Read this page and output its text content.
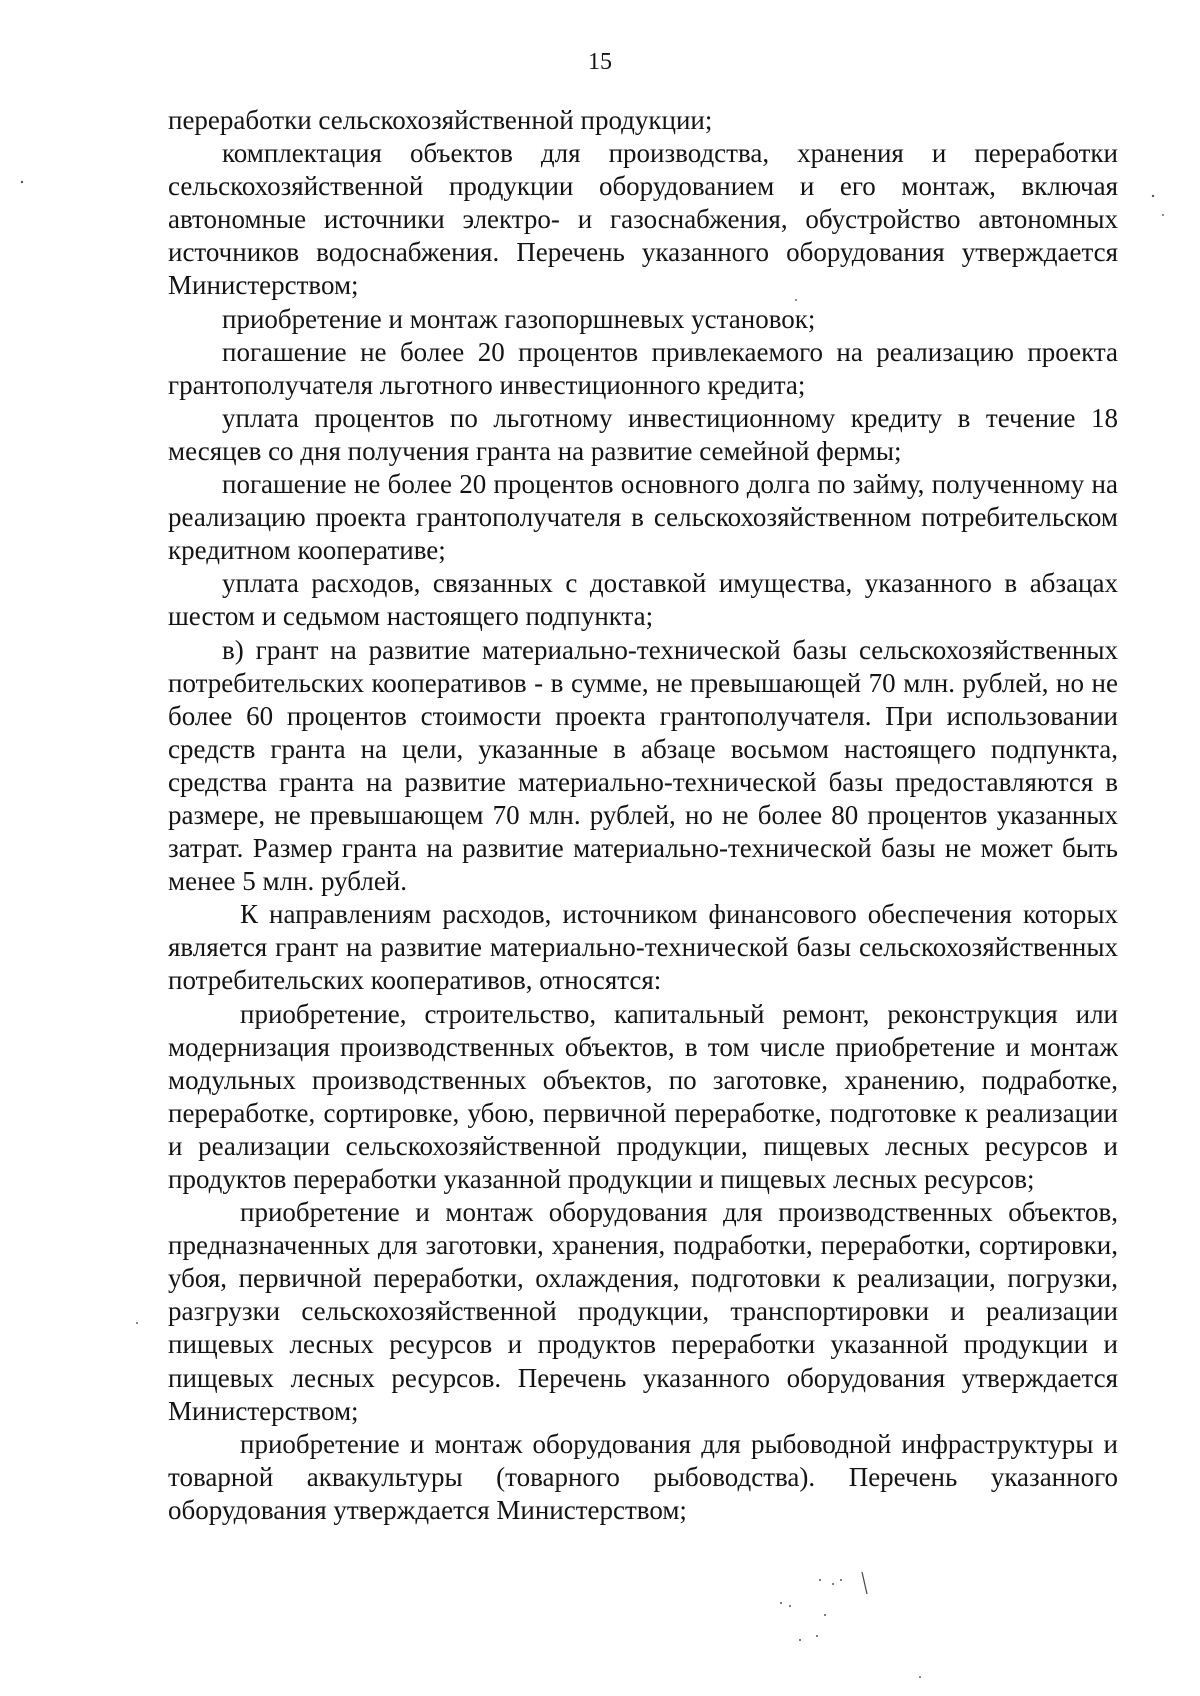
15

переработки сельскохозяйственной продукции;

комплектация объектов для производства, хранения и переработки сельскохозяйственной продукции оборудованием и его монтаж, включая автономные источники электро- и газоснабжения, обустройство автономных источников водоснабжения. Перечень указанного оборудования утверждается Министерством;

приобретение и монтаж газопоршневых установок;

погашение не более 20 процентов привлекаемого на реализацию проекта грантополучателя льготного инвестиционного кредита;

уплата процентов по льготному инвестиционному кредиту в течение 18 месяцев со дня получения гранта на развитие семейной фермы;

погашение не более 20 процентов основного долга по займу, полученному на реализацию проекта грантополучателя в сельскохозяйственном потребительском кредитном кооперативе;

уплата расходов, связанных с доставкой имущества, указанного в абзацах шестом и седьмом настоящего подпункта;

в) грант на развитие материально-технической базы сельскохозяйственных потребительских кооперативов - в сумме, не превышающей 70 млн. рублей, но не более 60 процентов стоимости проекта грантополучателя. При использовании средств гранта на цели, указанные в абзаце восьмом настоящего подпункта, средства гранта на развитие материально-технической базы предоставляются в размере, не превышающем 70 млн. рублей, но не более 80 процентов указанных затрат. Размер гранта на развитие материально-технической базы не может быть менее 5 млн. рублей.

К направлениям расходов, источником финансового обеспечения которых является грант на развитие материально-технической базы сельскохозяйственных потребительских кооперативов, относятся:

приобретение, строительство, капитальный ремонт, реконструкция или модернизация производственных объектов, в том числе приобретение и монтаж модульных производственных объектов, по заготовке, хранению, подработке, переработке, сортировке, убою, первичной переработке, подготовке к реализации и реализации сельскохозяйственной продукции, пищевых лесных ресурсов и продуктов переработки указанной продукции и пищевых лесных ресурсов;

приобретение и монтаж оборудования для производственных объектов, предназначенных для заготовки, хранения, подработки, переработки, сортировки, убоя, первичной переработки, охлаждения, подготовки к реализации, погрузки, разгрузки сельскохозяйственной продукции, транспортировки и реализации пищевых лесных ресурсов и продуктов переработки указанной продукции и пищевых лесных ресурсов. Перечень указанного оборудования утверждается Министерством;

приобретение и монтаж оборудования для рыбоводной инфраструктуры и товарной аквакультуры (товарного рыбоводства). Перечень указанного оборудования утверждается Министерством;
